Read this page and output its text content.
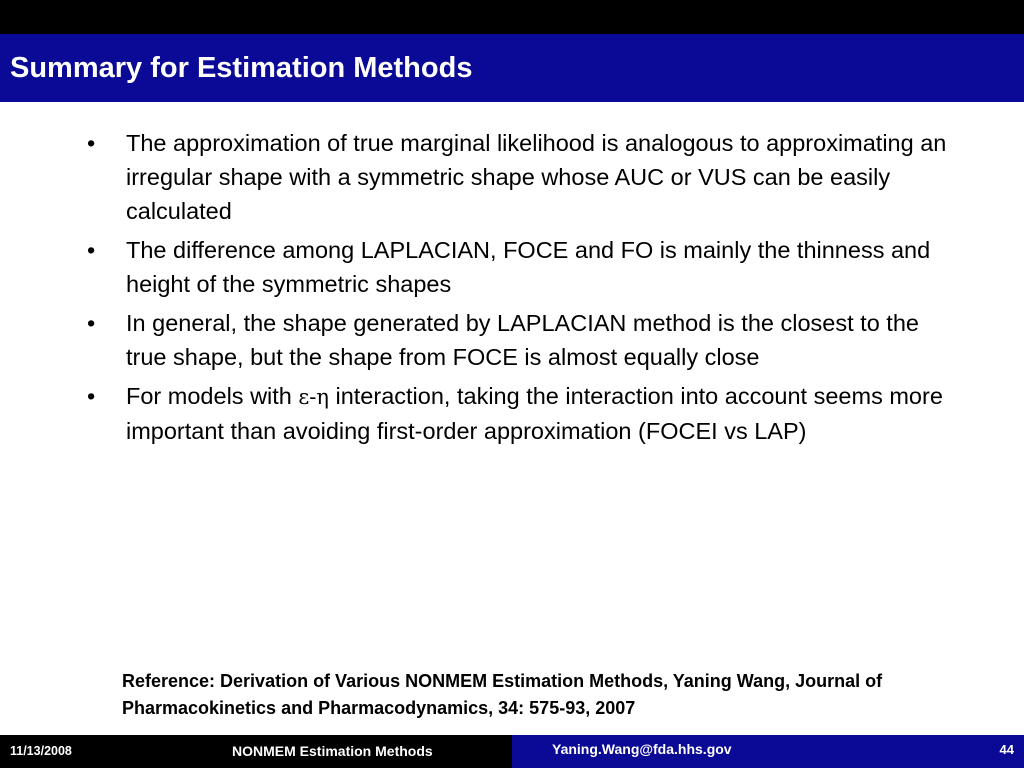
Summary for Estimation Methods
• The approximation of true marginal likelihood is analogous to approximating an irregular shape with a symmetric shape whose AUC or VUS can be easily calculated
• The difference among LAPLACIAN, FOCE and FO is mainly the thinness and height of the symmetric shapes
• In general, the shape generated by LAPLACIAN method is the closest to the true shape, but the shape from FOCE is almost equally close
• For models with ε-η interaction, taking the interaction into account seems more important than avoiding first-order approximation (FOCEI vs LAP)
Reference: Derivation of Various NONMEM Estimation Methods, Yaning Wang, Journal of Pharmacokinetics and Pharmacodynamics, 34: 575-93, 2007
11/13/2008	NONMEM Estimation Methods	Yaning.Wang@fda.hhs.gov	44
